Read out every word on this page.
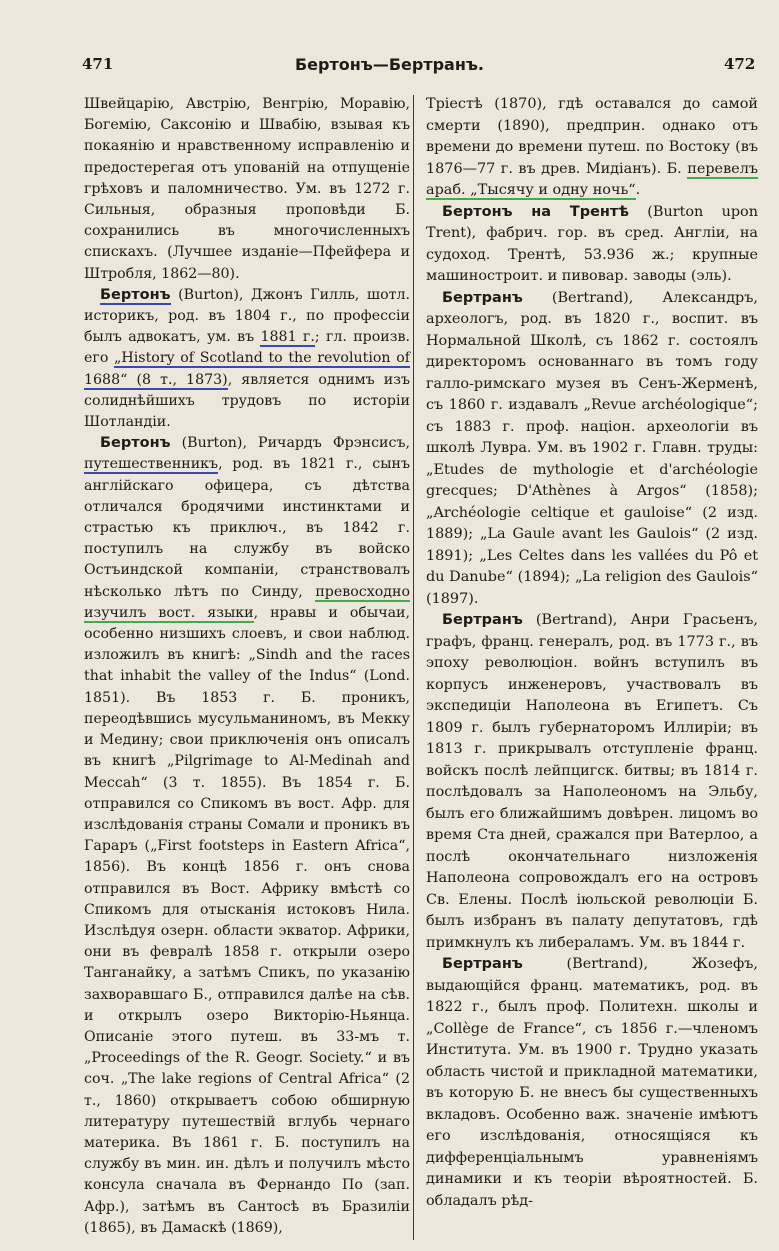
471	Бертонъ—Бертранъ.	472

Швейцарію, Австрію, Венгрію, Моравію, Богемію, Саксонію и Швабію, взывая къ покаянію и нравственному исправленію и предостерегая отъ упованій на отпущеніе грѣховъ и паломничество. Ум. въ 1272 г. Сильныя, образныя проповѣди Б. сохранились въ многочисленныхъ спискахъ. (Лучшее изданіе—Пфейфера и Штробля, 1862—80).

Бертонъ (Burton), Джонъ Гилль, шотл. историкъ, род. въ 1804 г., по профессіи былъ адвокатъ, ум. въ 1881 г.; гл. произв. его „History of Scotland to the revolution of 1688“ (8 т., 1873), является однимъ изъ солиднѣйшихъ трудовъ по исторіи Шотландіи.

Бертонъ (Burton), Ричардъ Фрэнсисъ, путешественникъ, род. въ 1821 г., сынъ англійскаго офицера, съ дѣтства отличался бродячими инстинктами и страстью къ приключ., въ 1842 г. поступилъ на службу въ войско Остъиндской компаніи, странствовалъ нѣсколько лѣтъ по Синду, превосходно изучилъ вост. языки, нравы и обычаи, особенно низшихъ слоевъ, и свои наблюд. изложилъ въ книгѣ: „Sindh and the races that inhabit the valley of the Indus“ (Lond. 1851). Въ 1853 г. Б. проникъ, переодѣвшись мусульманиномъ, въ Мекку и Медину; свои приключенія онъ описалъ въ книгѣ „Pilgrimage to Al-Medinah and Meccah“ (3 т. 1855). Въ 1854 г. Б. отправился со Спикомъ въ вост. Афр. для изслѣдованія страны Сомали и проникъ въ Гараръ („First footsteps in Eastern Africa“, 1856). Въ концѣ 1856 г. онъ снова отправился въ Вост. Африку вмѣстѣ со Спикомъ для отысканія истоковъ Нила. Изслѣдуя озерн. области экватор. Африки, они въ февралѣ 1858 г. открыли озеро Танганайку, а затѣмъ Спикъ, по указанію захворавшаго Б., отправился далѣе на сѣв. и открылъ озеро Викторію-Ньянца. Описаніе этого путеш. въ 33-мъ т. „Proceedings of the R. Geogr. Society.“ и въ соч. „The lake regions of Central Africa“ (2 т., 1860) открываетъ собою обширную литературу путешествій вглубь чернаго материка. Въ 1861 г. Б. поступилъ на службу въ мин. ин. дѣлъ и получилъ мѣсто консула сначала въ Фернандо По (зап. Афр.), затѣмъ въ Сантосѣ въ Бразиліи (1865), въ Дамаскѣ (1869),

Тріестѣ (1870), гдѣ оставался до самой смерти (1890), предприн. однако отъ времени до времени путеш. по Востоку (въ 1876—77 г. въ древ. Мидіанъ). Б. перевелъ араб. „Тысячу и одну ночь“.

Бертонъ на Трентѣ (Burton upon Trent), фабрич. гор. въ сред. Англіи, на судоход. Трентѣ, 53.936 ж.; крупные машиностроит. и пивовар. заводы (эль).

Бертранъ (Bertrand), Александръ, археологъ, род. въ 1820 г., воспит. въ Нормальной Школѣ, съ 1862 г. состоялъ директоромъ основаннаго въ томъ году галло-римскаго музея въ Сенъ-Жерменѣ, съ 1860 г. издавалъ „Revue archéologique“; съ 1883 г. проф. націон. археологіи въ школѣ Лувра. Ум. въ 1902 г. Главн. труды: „Etudes de mythologie et d'archéologie grecques; D'Athènes à Argos“ (1858); „Archéologie celtique et gauloise“ (2 изд. 1889); „La Gaule avant les Gaulois“ (2 изд. 1891); „Les Celtes dans les vallées du Pô et du Danube“ (1894); „La religion des Gaulois“ (1897).

Бертранъ (Bertrand), Анри Грасьенъ, графъ, франц. генералъ, род. въ 1773 г., въ эпоху революціон. войнъ вступилъ въ корпусъ инженеровъ, участвовалъ въ экспедиціи Наполеона въ Египетъ. Съ 1809 г. былъ губернаторомъ Иллиріи; въ 1813 г. прикрывалъ отступленіе франц. войскъ послѣ лейпцигск. битвы; въ 1814 г. послѣдовалъ за Наполеономъ на Эльбу, былъ его ближайшимъ довѣрен. лицомъ во время Ста дней, сражался при Ватерлоо, а послѣ окончательнаго низложенія Наполеона сопровождалъ его на островъ Св. Елены. Послѣ іюльской революціи Б. былъ избранъ въ палату депутатовъ, гдѣ примкнулъ къ либераламъ. Ум. въ 1844 г.

Бертранъ (Bertrand), Жозефъ, выдающійся франц. математикъ, род. въ 1822 г., былъ проф. Политехн. школы и „Collège de France“, съ 1856 г.—членомъ Института. Ум. въ 1900 г. Трудно указать область чистой и прикладной математики, въ которую Б. не внесъ бы существенныхъ вкладовъ. Особенно важ. значеніе имѣютъ его изслѣдованія, относящіяся къ дифференціальнымъ уравненіямъ динамики и къ теоріи вѣроятностей. Б. обладалъ рѣд-
